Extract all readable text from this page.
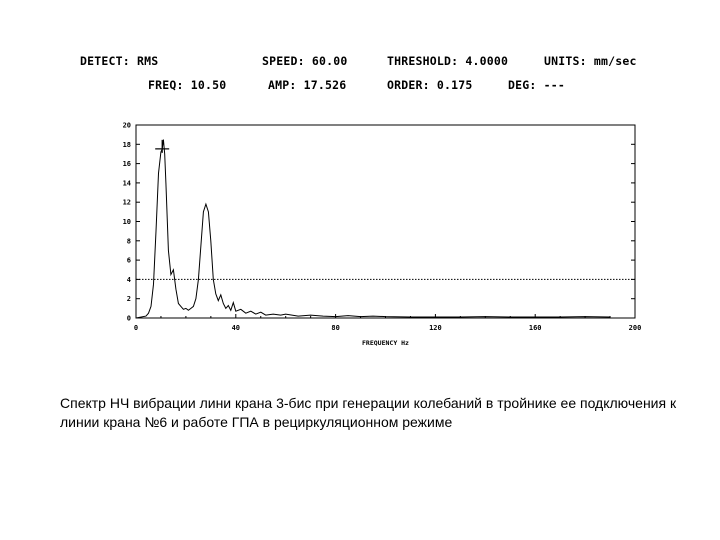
DETECT: RMS	SPEED: 60.00	THRESHOLD: 4.0000	UNITS: mm/sec
FREQ: 10.50	AMP: 17.526	ORDER: 0.175	DEG: ---
0
2
4
6
8
10
12
14
16
18
20
0	40	80	120	160	200
FREQUENCY Hz
Спектр НЧ вибрации лини крана 3-бис при генерации колебаний в тройнике ее подключения к линии крана №6 и работе ГПА в рециркуляционном режиме
